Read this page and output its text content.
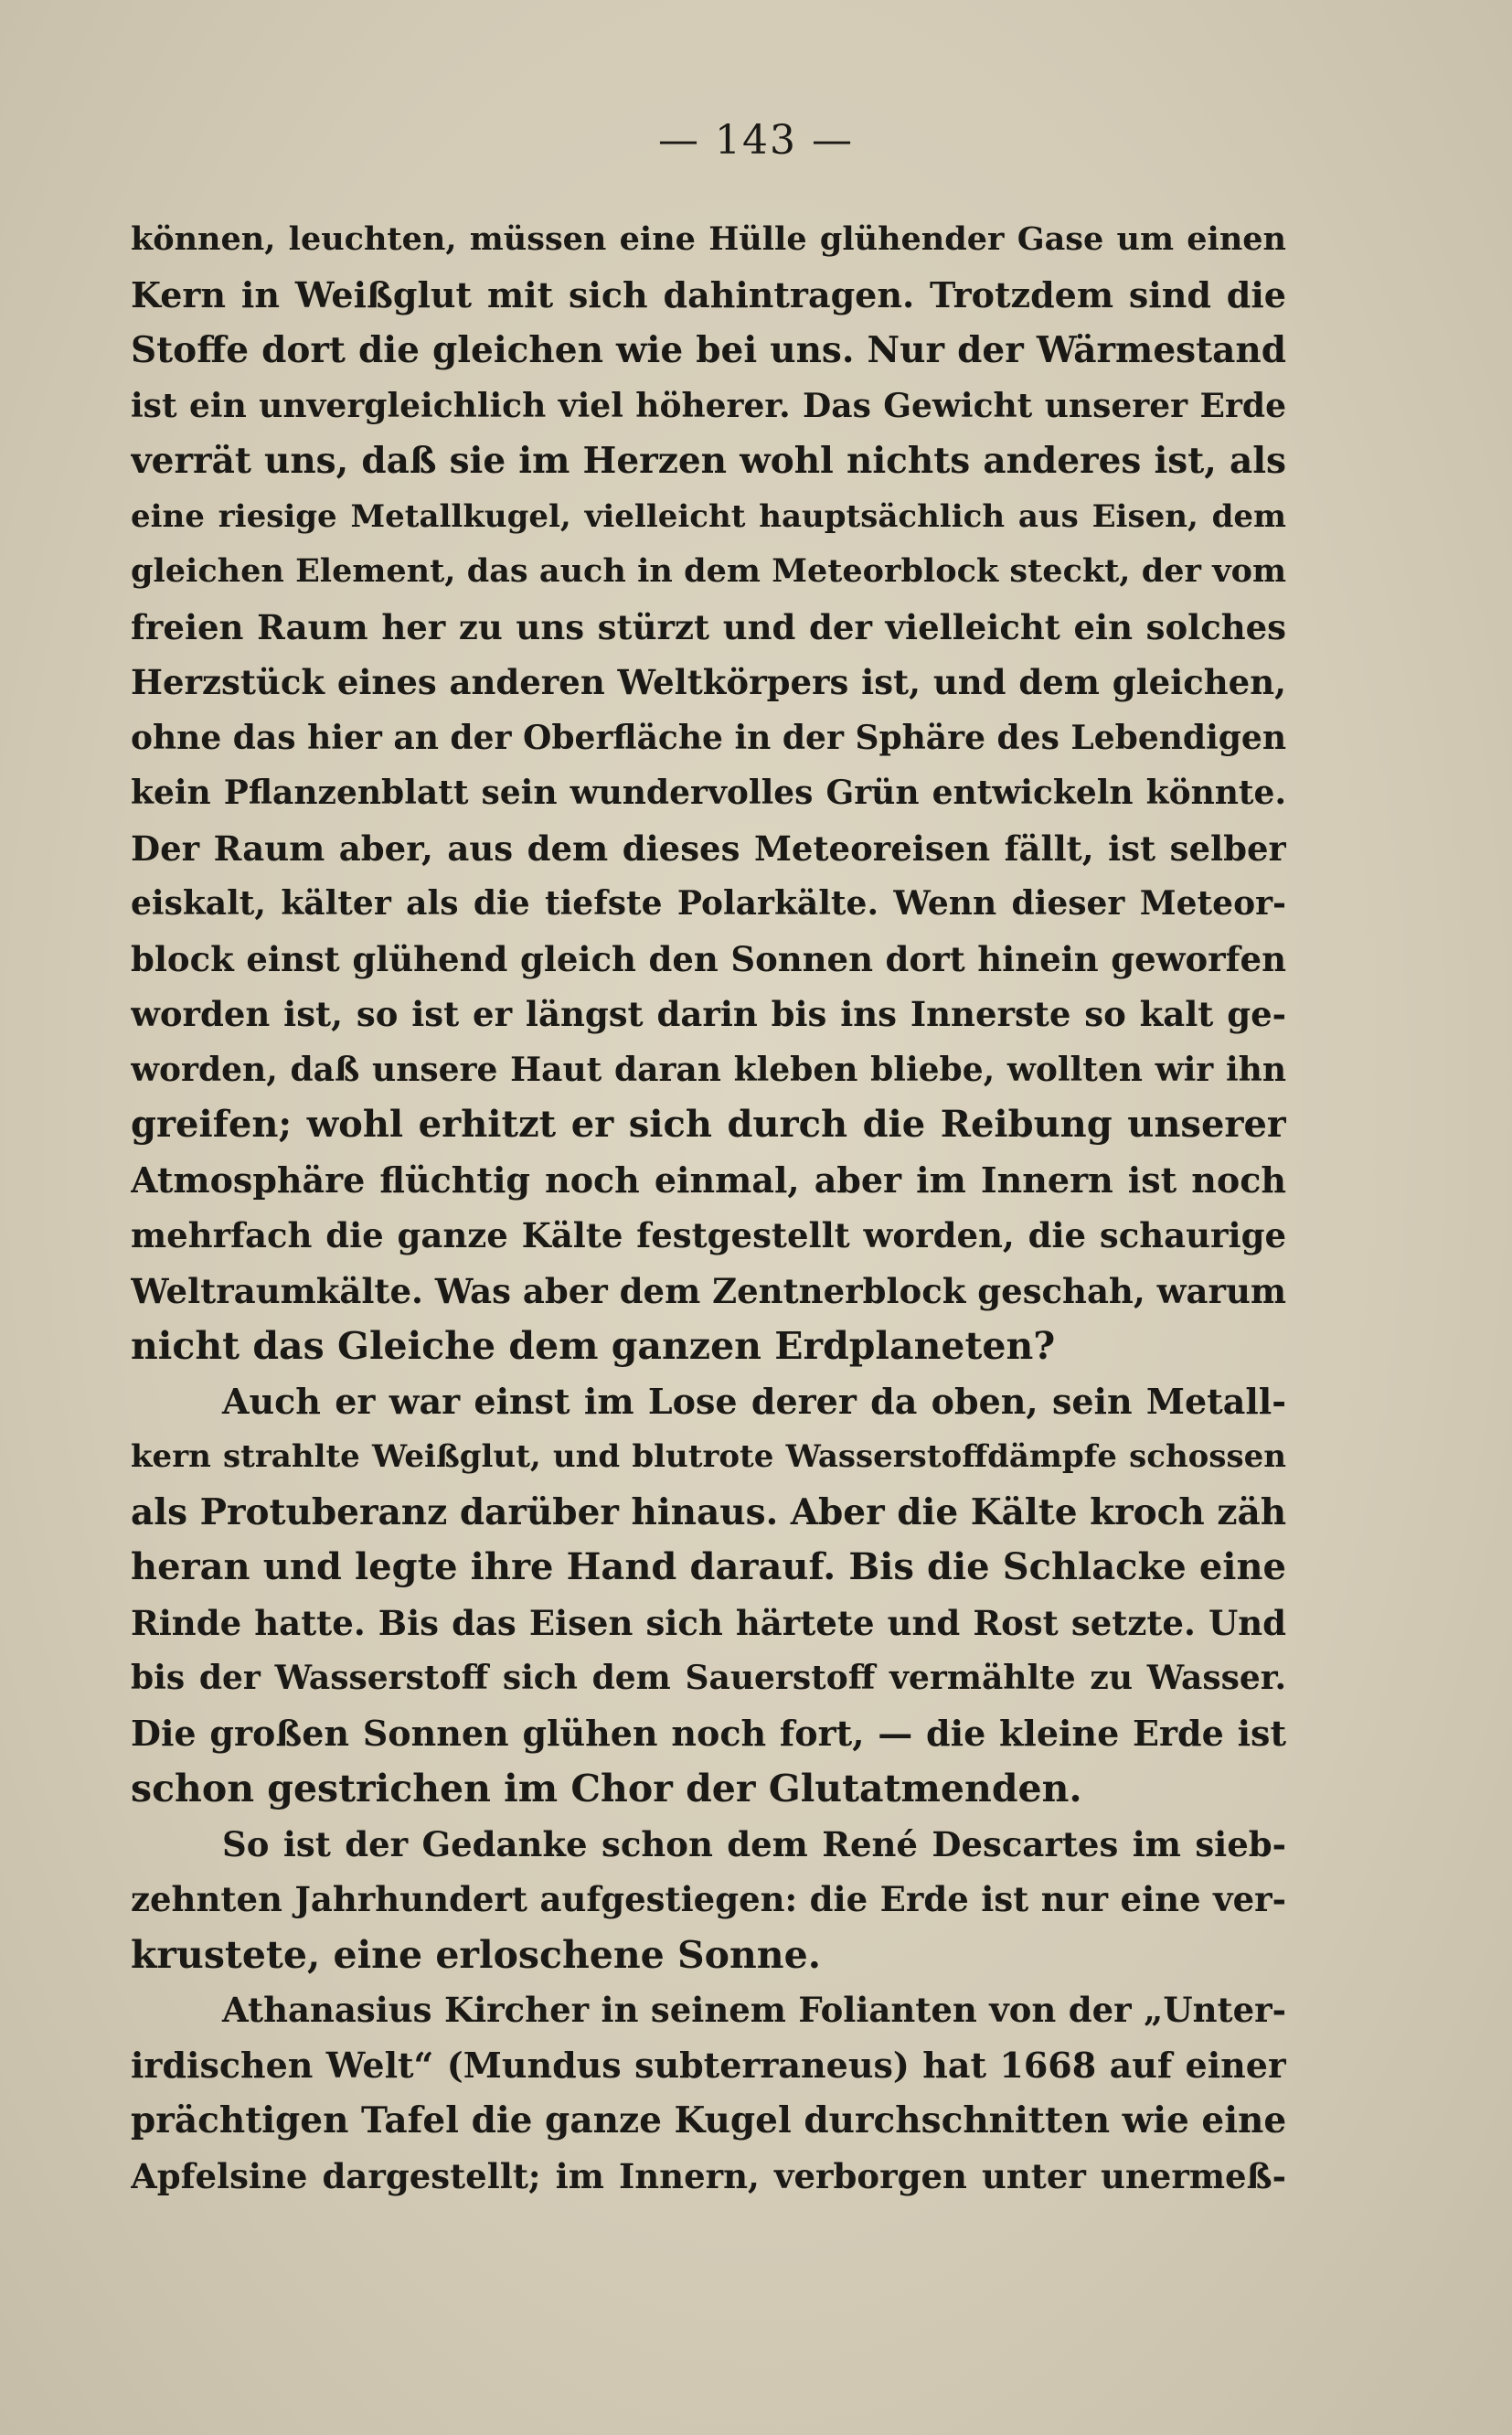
— 143 —
können, leuchten, müssen eine Hülle glühender Gase um einen
Kern in Weißglut mit sich dahintragen. Trotzdem sind die
Stoffe dort die gleichen wie bei uns. Nur der Wärmestand
ist ein unvergleichlich viel höherer. Das Gewicht unserer Erde
verrät uns, daß sie im Herzen wohl nichts anderes ist, als
eine riesige Metallkugel, vielleicht hauptsächlich aus Eisen, dem
gleichen Element, das auch in dem Meteorblock steckt, der vom
freien Raum her zu uns stürzt und der vielleicht ein solches
Herzstück eines anderen Weltkörpers ist, und dem gleichen,
ohne das hier an der Oberfläche in der Sphäre des Lebendigen
kein Pflanzenblatt sein wundervolles Grün entwickeln könnte.
Der Raum aber, aus dem dieses Meteoreisen fällt, ist selber
eiskalt, kälter als die tiefste Polarkälte. Wenn dieser Meteor-
block einst glühend gleich den Sonnen dort hinein geworfen
worden ist, so ist er längst darin bis ins Innerste so kalt ge-
worden, daß unsere Haut daran kleben bliebe, wollten wir ihn
greifen; wohl erhitzt er sich durch die Reibung unserer
Atmosphäre flüchtig noch einmal, aber im Innern ist noch
mehrfach die ganze Kälte festgestellt worden, die schaurige
Weltraumkälte. Was aber dem Zentnerblock geschah, warum
nicht das Gleiche dem ganzen Erdplaneten?
Auch er war einst im Lose derer da oben, sein Metall-
kern strahlte Weißglut, und blutrote Wasserstoffdämpfe schossen
als Protuberanz darüber hinaus. Aber die Kälte kroch zäh
heran und legte ihre Hand darauf. Bis die Schlacke eine
Rinde hatte. Bis das Eisen sich härtete und Rost setzte. Und
bis der Wasserstoff sich dem Sauerstoff vermählte zu Wasser.
Die großen Sonnen glühen noch fort, — die kleine Erde ist
schon gestrichen im Chor der Glutatmenden.
So ist der Gedanke schon dem René Descartes im sieb-
zehnten Jahrhundert aufgestiegen: die Erde ist nur eine ver-
krustete, eine erloschene Sonne.
Athanasius Kircher in seinem Folianten von der „Unter-
irdischen Welt“ (Mundus subterraneus) hat 1668 auf einer
prächtigen Tafel die ganze Kugel durchschnitten wie eine
Apfelsine dargestellt; im Innern, verborgen unter unermeß-
